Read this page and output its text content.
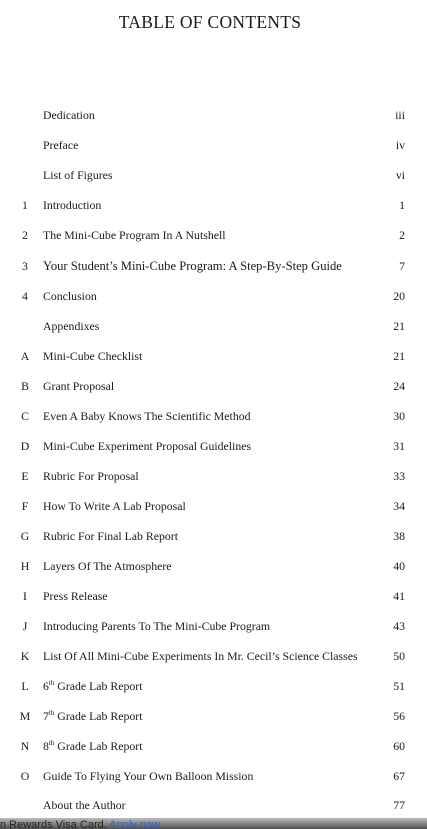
TABLE OF CONTENTS
Dedication	iii
Preface	iv
List of Figures	vi
1	Introduction	1
2	The Mini-Cube Program In A Nutshell	2
3	Your Student’s Mini-Cube Program: A Step-By-Step Guide	7
4	Conclusion	20
Appendixes	21
A	Mini-Cube Checklist	21
B	Grant Proposal	24
C	Even A Baby Knows The Scientific Method	30
D	Mini-Cube Experiment Proposal Guidelines	31
E	Rubric For Proposal	33
F	How To Write A Lab Proposal	34
G	Rubric For Final Lab Report	38
H	Layers Of The Atmosphere	40
I	Press Release	41
J	Introducing Parents To The Mini-Cube Program	43
K	List Of All Mini-Cube Experiments In Mr. Cecil’s Science Classes	50
L	6th Grade Lab Report	51
M	7th Grade Lab Report	56
N	8th Grade Lab Report	60
O	Guide To Flying Your Own Balloon Mission	67
About the Author	77
n Rewards Visa Card. Apply now.
